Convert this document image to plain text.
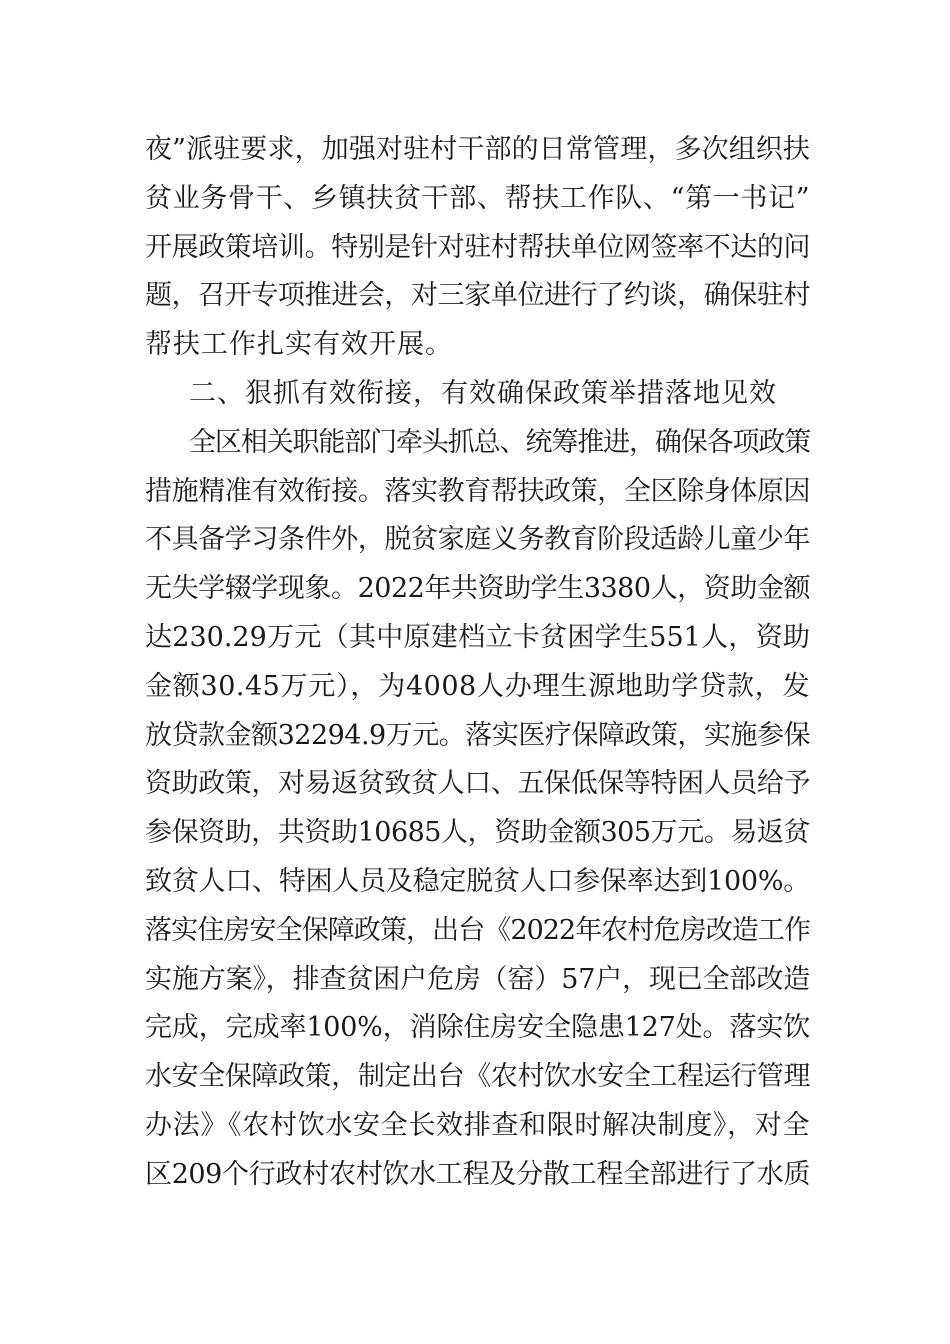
夜”派驻要求，加强对驻村干部的日常管理，多次组织扶
贫业务骨干、乡镇扶贫干部、帮扶工作队、“第一书记”
开展政策培训。特别是针对驻村帮扶单位网签率不达的问
题，召开专项推进会，对三家单位进行了约谈，确保驻村
帮扶工作扎实有效开展。
二、狠抓有效衔接，有效确保政策举措落地见效
全区相关职能部门牵头抓总、统筹推进，确保各项政策
措施精准有效衔接。落实教育帮扶政策，全区除身体原因
不具备学习条件外，脱贫家庭义务教育阶段适龄儿童少年
无失学辍学现象。2022年共资助学生3380人，资助金额
达230.29万元（其中原建档立卡贫困学生551人，资助
金额30.45万元），为4008人办理生源地助学贷款，发
放贷款金额32294.9万元。落实医疗保障政策，实施参保
资助政策，对易返贫致贫人口、五保低保等特困人员给予
参保资助，共资助10685人，资助金额305万元。易返贫
致贫人口、特困人员及稳定脱贫人口参保率达到100%。
落实住房安全保障政策，出台《2022年农村危房改造工作
实施方案》，排查贫困户危房（窑）57户，现已全部改造
完成，完成率100%，消除住房安全隐患127处。落实饮
水安全保障政策，制定出台《农村饮水安全工程运行管理
办法》《农村饮水安全长效排查和限时解决制度》，对全
区209个行政村农村饮水工程及分散工程全部进行了水质
